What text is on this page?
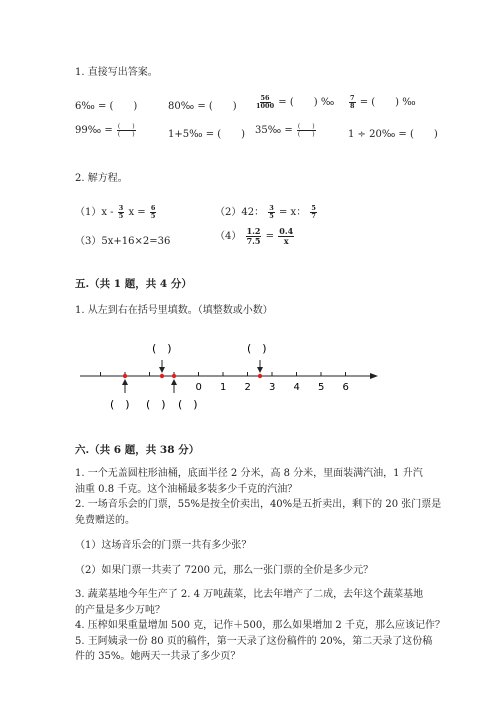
1. 直接写出答案。
6‰ = (　　)	80‰ = (　　)	$\frac{56}{1000}$ = (　　) ‰ $\frac{7}{8}$ = (　　) ‰
99‰ = $\frac{( )}{( )}$	1+5‰ = (　　) 35‰ = $\frac{( )}{( )}$	1 ÷ 20‰ = (　　)
2. 解方程。
$(1)x - \frac{3}{5}$ $x = \frac{6}{5}$	（2）42： $\frac{3}{5} = x$： $\frac{5}{7}$
（3）5x+16×2=36	$(4) \frac{1.2}{7.5} = \frac{0.4}{x}$
五.（共 1 题，共 4 分）
1. 从左到右在括号里填数。（填整数或小数）
0 1 2 3 4 5 6
(　)	(　)
(　) (　) (　)
六.（共 6 题，共 38 分）
1. 一个无盖圆柱形油桶，底面半径 2 分米，高 8 分米，里面装满汽油，1 升汽
油重 0.8 千克。这个油桶最多装多少千克的汽油？
2. 一场音乐会的门票，55%是按全价卖出，40%是五折卖出，剩下的 20 张门票是
免费赠送的。
（1）这场音乐会的门票一共有多少张？
（2）如果门票一共卖了 7200 元，那么一张门票的全价是多少元？
3. 蔬菜基地今年生产了 2. 4 万吨蔬菜，比去年增产了二成，去年这个蔬菜基地
的产量是多少万吨？
4. 压榨如果重量增加 500 克，记作＋500，那么如果增加 2 千克，那么应该记作？
5. 王阿姨录一份 80 页的稿件，第一天录了这份稿件的 20%，第二天录了这份稿
件的 35%。她两天一共录了多少页？
